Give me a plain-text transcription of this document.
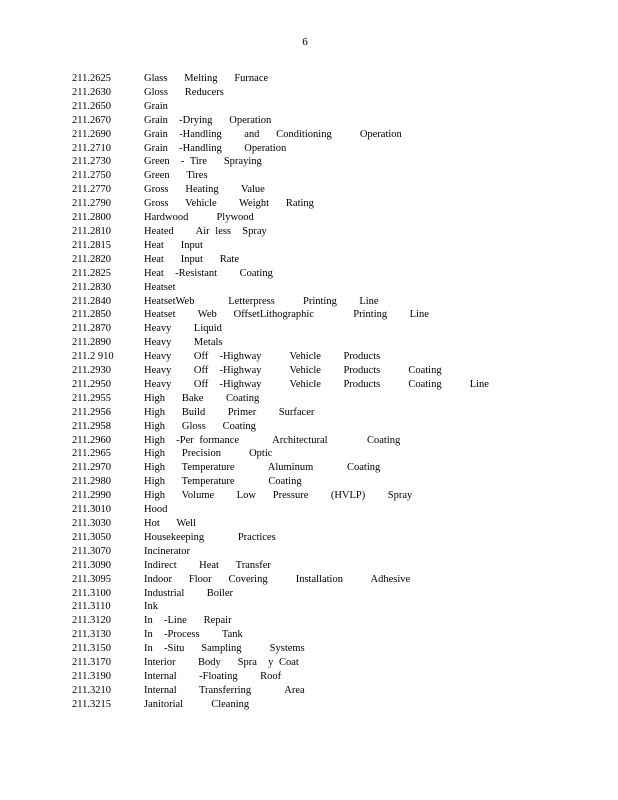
6
211.2625	Glass   Melting   Furnace
211.2630	Gloss   Reducers
211.2650	Grain
211.2670	Grain  -Drying   Operation
211.2690	Grain  -Handling    and   Conditioning     Operation
211.2710	Grain  -Handling    Operation
211.2730	Green  - Tire   Spraying
211.2750	Green   Tires
211.2770	Gross   Heating    Value
211.2790	Gross   Vehicle    Weight   Rating
211.2800	Hardwood     Plywood
211.2810	Heated    Air less  Spray
211.2815	Heat   Input
211.2820	Heat   Input   Rate
211.2825	Heat  -Resistant    Coating
211.2830	Heatset
211.2840	HeatsetWeb      Letterpress     Printing    Line
211.2850	Heatset    Web   OffsetLithographic       Printing    Line
211.2870	Heavy    Liquid
211.2890	Heavy    Metals
211.2 910	Heavy    Off  -Highway     Vehicle    Products
211.2930	Heavy    Off  -Highway     Vehicle    Products     Coating
211.2950	Heavy    Off  -Highway     Vehicle    Products     Coating     Line
211.2955	High   Bake    Coating
211.2956	High   Build    Primer    Surfacer
211.2958	High   Gloss   Coating
211.2960	High  -Per formance      Architectural       Coating
211.2965	High   Precision     Optic
211.2970	High   Temperature      Aluminum      Coating
211.2980	High   Temperature      Coating
211.2990	High   Volume    Low   Pressure    (HVLP)    Spray
211.3010	Hood
211.3030	Hot   Well
211.3050	Housekeeping      Practices
211.3070	Incinerator
211.3090	Indirect    Heat   Transfer
211.3095	Indoor   Floor   Covering     Installation     Adhesive
211.3100	Industrial    Boiler
211.3110	Ink
211.3120	In  -Line   Repair
211.3130	In  -Process    Tank
211.3150	In  -Situ   Sampling     Systems
211.3170	Interior    Body   Spra  y Coat
211.3190	Internal    -Floating    Roof
211.3210	Internal    Transferring      Area
211.3215	Janitorial     Cleaning
